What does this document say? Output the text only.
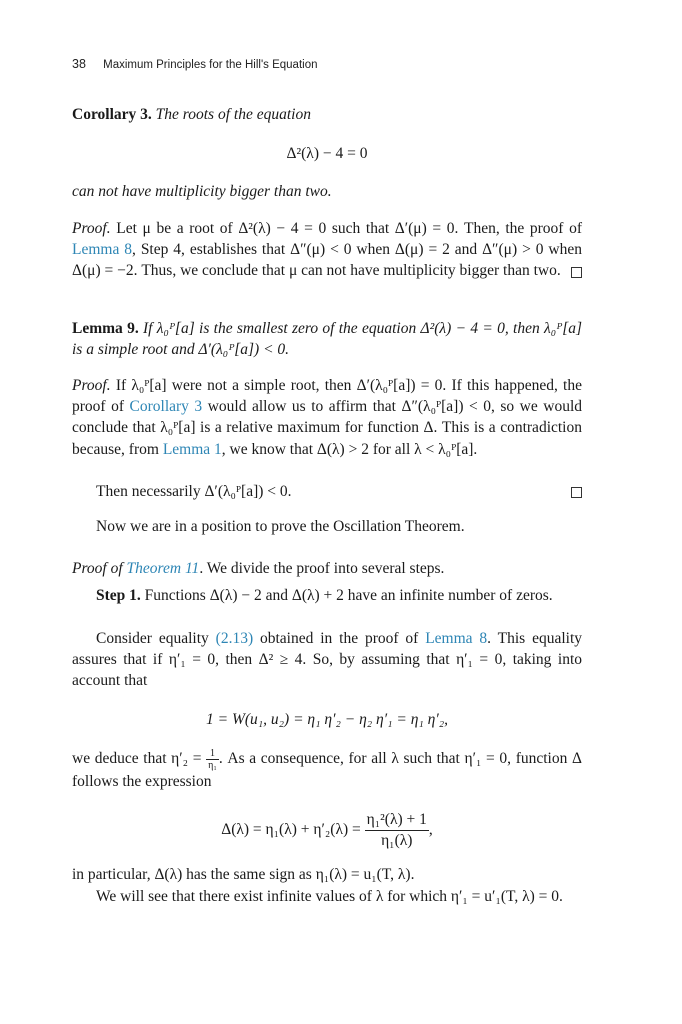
38 Maximum Principles for the Hill's Equation
Corollary 3. The roots of the equation
Δ²(λ) − 4 = 0
can not have multiplicity bigger than two.
Proof. Let μ be a root of Δ²(λ) − 4 = 0 such that Δ′(μ) = 0. Then, the proof of Lemma 8, Step 4, establishes that Δ″(μ) < 0 when Δ(μ) = 2 and Δ″(μ) > 0 when Δ(μ) = −2. Thus, we conclude that μ can not have multiplicity bigger than two.
Lemma 9. If λ₀ᴾ[a] is the smallest zero of the equation Δ²(λ) − 4 = 0, then λ₀ᴾ[a] is a simple root and Δ′(λ₀ᴾ[a]) < 0.
Proof. If λ₀ᴾ[a] were not a simple root, then Δ′(λ₀ᴾ[a]) = 0. If this happened, the proof of Corollary 3 would allow us to affirm that Δ″(λ₀ᴾ[a]) < 0, so we would conclude that λ₀ᴾ[a] is a relative maximum for function Δ. This is a contradiction because, from Lemma 1, we know that Δ(λ) > 2 for all λ < λ₀ᴾ[a].
Then necessarily Δ′(λ₀ᴾ[a]) < 0.
Now we are in a position to prove the Oscillation Theorem.
Proof of Theorem 11. We divide the proof into several steps.
Step 1. Functions Δ(λ) − 2 and Δ(λ) + 2 have an infinite number of zeros.
Consider equality (2.13) obtained in the proof of Lemma 8. This equality assures that if η′₁ = 0, then Δ² ≥ 4. So, by assuming that η′₁ = 0, taking into account that
1 = W(u₁, u₂) = η₁ η′₂ − η₂ η′₁ = η₁ η′₂,
we deduce that $\eta'_2 = \frac{1}{\text{η₁}}$ . As a consequence, for all λ such that η′₁ = 0, function Δ follows the expression
$\Delta(\lambda) = \eta_1(\lambda) + \eta'_2(\lambda) = \frac{\text{η₁²(λ) + 1}}{\text{η₁(λ)}}$ ,
in particular, Δ(λ) has the same sign as η₁(λ) = u₁(T, λ).
We will see that there exist infinite values of λ for which η′₁ = u′₁(T, λ) = 0.
